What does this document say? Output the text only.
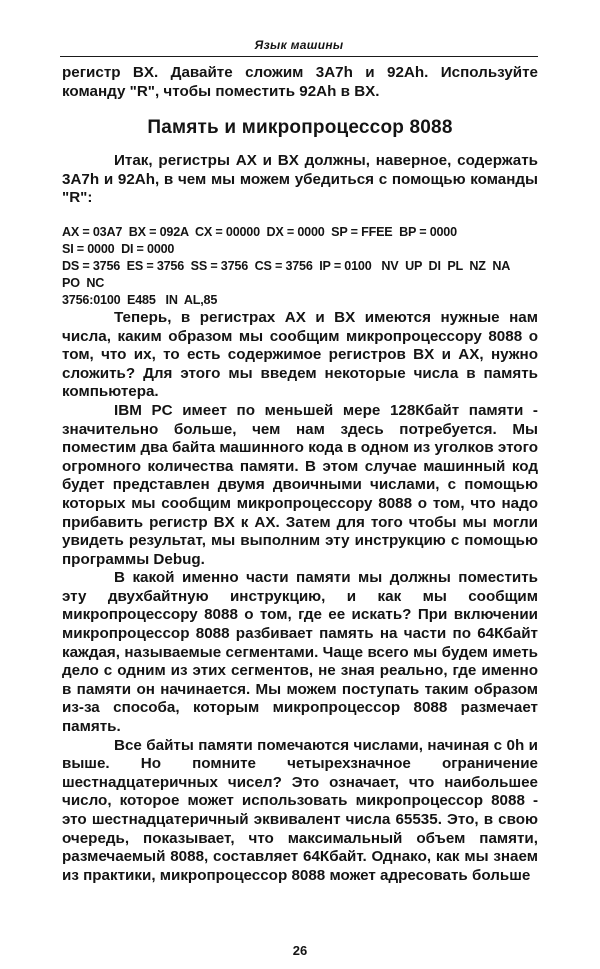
Язык машины

регистр BX. Давайте сложим 3A7h и 92Ah. Используйте команду "R", чтобы поместить 92Ah в BX.

Память и микропроцессор 8088

Итак, регистры AX и BX должны, наверное, содержать 3A7h и 92Ah, в чем мы можем убедиться с помощью команды "R":

AX = 03A7  BX = 092A  CX = 00000  DX = 0000  SP = FFEE  BP = 0000
SI = 0000  DI = 0000
DS = 3756  ES = 3756  SS = 3756  CS = 3756  IP = 0100   NV  UP  DI  PL  NZ  NA
PO  NC
3756:0100  E485   IN  AL,85

Теперь, в регистрах AX и BX имеются нужные нам числа, каким образом мы сообщим микропроцессору 8088 о том, что их, то есть содержимое регистров BX и AX, нужно сложить? Для этого мы введем некоторые числа в память компьютера.

IBM PC имеет по меньшей мере 128Кбайт памяти - значительно больше, чем нам здесь потребуется. Мы поместим два байта машинного кода в одном из уголков этого огромного количества памяти. В этом случае машинный код будет представлен двумя двоичными числами, с помощью которых мы сообщим микропроцессору 8088 о том, что надо прибавить регистр BX к AX. Затем для того чтобы мы могли увидеть результат, мы выполним эту инструкцию с помощью программы Debug.

В какой именно части памяти мы должны поместить эту двухбайтную инструкцию, и как мы сообщим микропроцессору 8088 о том, где ее искать? При включении микропроцессор 8088 разбивает память на части по 64Кбайт каждая, называемые сегментами. Чаще всего мы будем иметь дело с одним из этих сегментов, не зная реально, где именно в памяти он начинается. Мы можем поступать таким образом из-за способа, которым микропроцессор 8088 размечает память.

Все байты памяти помечаются числами, начиная с 0h и выше. Но помните четырехзначное ограничение шестнадцатеричных чисел? Это означает, что наибольшее число, которое может использовать микропроцессор 8088 - это шестнадцатеричный эквивалент числа 65535. Это, в свою очередь, показывает, что максимальный объем памяти, размечаемый 8088, составляет 64Кбайт. Однако, как мы знаем из практики, микропроцессор 8088 может адресовать больше

26
